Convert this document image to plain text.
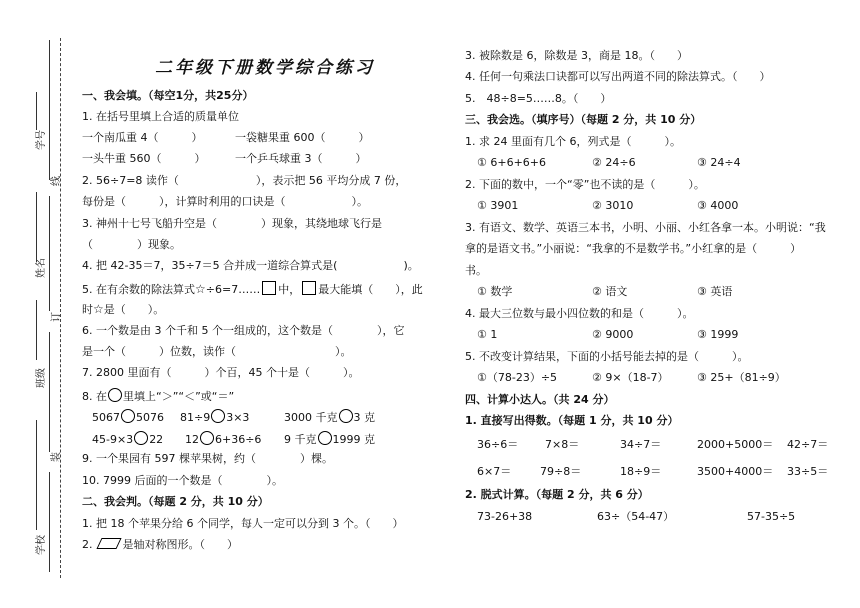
学号
线
姓名
订
班级
装
学校
二年级下册数学综合练习
一、我会填。（每空1分，共25分）
1. 在括号里填上合适的质量单位
一个南瓜重 4（　　　）	一袋糖果重 600（　　　）
一头牛重 560（　　　）	一个乒乓球重 3（　　　）
2. 56÷7=8 读作（　　　　　　　），表示把 56 平均分成 7 份，
每份是（　　　），计算时利用的口诀是（　　　　　　）。
3. 神州十七号飞船升空是（　　　　）现象，其绕地球飞行是
（　　　　）现象。
4. 把 42-35＝7，35÷7＝5 合并成一道综合算式是(　　　　　　)。
5. 在有余数的除法算式☆÷6=7…… 中， 最大能填（　　），此
时☆是（　　）。
6. 一个数是由 3 个千和 5 个一组成的，这个数是（　　　　），它
是一个（　　　）位数，读作（　　　　　　　　　）。
7. 2800 里面有（　　　）个百，45 个十是（　　　）。
8. 在 里填上“＞”“＜”或“＝”
5067 5076 81÷9 3×3	3000 千克 3 克
45-9×3 22 12 6+36÷6 9 千克 1999 克
9. 一个果园有 597 棵苹果树，约（　　　　）棵。
10. 7999 后面的一个数是（　　　　）。
二、我会判。（每题 2 分，共 10 分）
1. 把 18 个苹果分给 6 个同学，每人一定可以分到 3 个。（　　）
2.	是轴对称图形。（　　）
3. 被除数是 6，除数是 3，商是 18。（　　）
4. 任何一句乘法口诀都可以写出两道不同的除法算式。（　　）
5.　48÷8=5……8。（　　）
三、我会选。（填序号）（每题 2 分，共 10 分）
1. 求 24 里面有几个 6，列式是（　　　）。
① 6+6+6+6	② 24÷6	③ 24÷4
2. 下面的数中，一个“零”也不读的是（　　　）。
① 3901	② 3010	③ 4000
3. 有语文、数学、英语三本书，小明、小丽、小红各拿一本。小明说：“我
拿的是语文书。”小丽说：“我拿的不是数学书。”小红拿的是（　　　）
书。
① 数学	② 语文	③ 英语
4. 最大三位数与最小四位数的和是（　　　）。
① 1	② 9000	③ 1999
5. 不改变计算结果，下面的小括号能去掉的是（　　　）。
①（78-23）÷5	② 9×（18-7）	③ 25+（81÷9）
四、计算小达人。（共 24 分）
1. 直接写出得数。（每题 1 分，共 10 分）
36÷6＝ 7×8＝	34÷7＝	2000+5000＝ 42÷7＝
6×7＝	79÷8＝	18÷9＝	3500+4000＝ 33÷5＝
2. 脱式计算。（每题 2 分，共 6 分）
73-26+38	63÷（54-47）	57-35÷5
